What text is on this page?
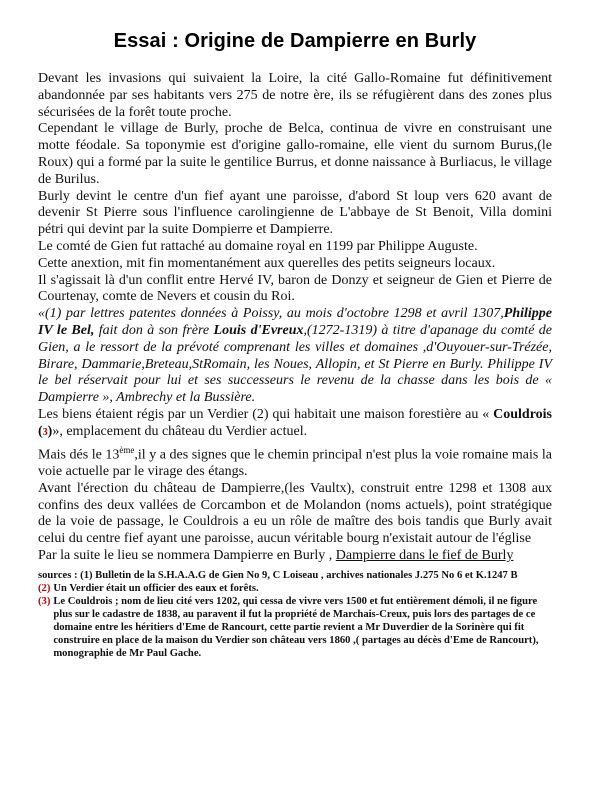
Essai : Origine de Dampierre en Burly

Devant les invasions qui suivaient la Loire, la cité Gallo-Romaine fut définitivement abandonnée par ses habitants vers 275 de notre ère, ils se réfugièrent dans des zones plus sécurisées de la forêt toute proche.

Cependant le village de Burly, proche de Belca, continua de vivre en construisant une motte féodale. Sa toponymie est d'origine gallo-romaine, elle vient du surnom Burus,(le Roux) qui a formé par la suite le gentilice Burrus, et donne naissance à Burliacus, le village de Burilus.

Burly devint le centre d'un fief ayant une paroisse, d'abord St loup vers 620 avant de devenir St Pierre sous l'influence carolingienne de L'abbaye de St Benoit, Villa domini pétri qui devint par la suite Dompierre et Dampierre.

Le comté de Gien fut rattaché au domaine royal en 1199 par Philippe Auguste.

Cette anextion, mit fin momentanément aux querelles des petits seigneurs locaux.

Il s'agissait là d'un conflit entre Hervé IV, baron de Donzy et seigneur de Gien et Pierre de Courtenay, comte de Nevers et cousin du Roi.

«(1) par lettres patentes données à Poissy, au mois d'octobre 1298 et avril 1307,Philippe IV le Bel, fait don à son frère Louis d'Evreux,(1272-1319) à titre d'apanage du comté de Gien, a le ressort de la prévoté comprenant les villes et domaines ,d'Ouyouer-sur-Trézée, Birare, Dammarie,Breteau,StRomain, les Noues, Allopin, et St Pierre en Burly. Philippe IV le bel réservait pour lui et ses successeurs le revenu de la chasse dans les bois de « Dampierre », Ambrechy et la Bussière.

Les biens étaient régis par un Verdier (2) qui habitait une maison forestière au « Couldrois (3)», emplacement du château du Verdier actuel.

Mais dés le 13ème,il y a des signes que le chemin principal n'est plus la voie romaine mais la voie actuelle par le virage des étangs.

Avant l'érection du château de Dampierre,(les Vaultx), construit entre 1298 et 1308 aux confins des deux vallées de Corcambon et de Molandon (noms actuels), point stratégique de la voie de passage, le Couldrois a eu un rôle de maître des bois tandis que Burly avait celui du centre fief ayant une paroisse, aucun véritable bourg n'existait autour de l'église

Par la suite le lieu se nommera Dampierre en Burly , Dampierre dans le fief de Burly

sources : (1) Bulletin de la S.H.A.A.G de Gien No 9, C Loiseau , archives nationales J.275 No 6 et K.1247 B

(2) Un Verdier était un officier des eaux et forêts.
(3) Le Couldrois ; nom de lieu cité vers 1202, qui cessa de vivre vers 1500 et fut entièrement démoli, il ne figure plus sur le cadastre de 1838, au paravent il fut la propriété de Marchais-Creux, puis lors des partages de ce domaine entre les héritiers d'Eme de Rancourt, cette partie revient a Mr Duverdier de la Sorinère qui fit construire en place de la maison du Verdier son château vers 1860 ,( partages au décès d'Eme de Rancourt), monographie de Mr Paul Gache.
